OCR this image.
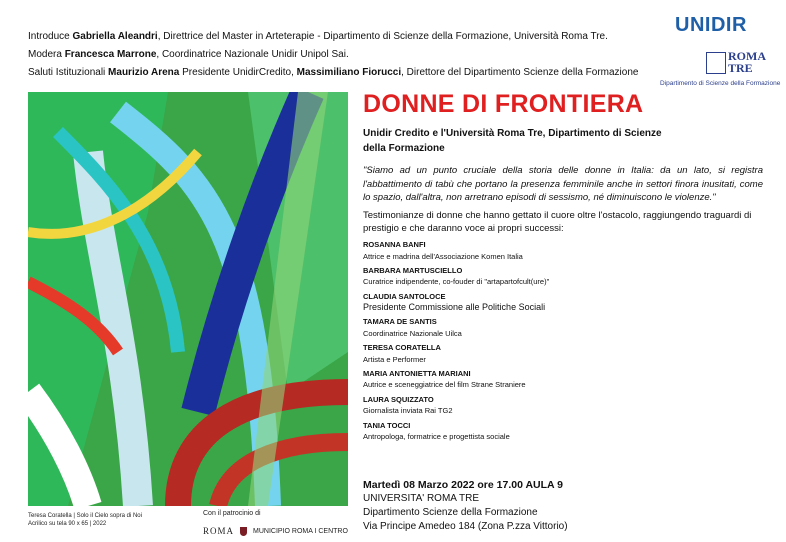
Introduce Gabriella Aleandri, Direttrice del Master in Arteterapie - Dipartimento di Scienze della Formazione, Università Roma Tre.
Modera Francesca Marrone, Coordinatrice Nazionale Unidir Unipol Sai.
Saluti Istituzionali Maurizio Arena Presidente UnidirCredito, Massimiliano Fiorucci, Direttore del Dipartimento Scienze della Formazione
UNIDIR
ROMA
TRE
Dipartimento di Scienze della Formazione
Teresa Coratella | Solo il Cielo sopra di Noi
Acrilico su tela 90 x 65 | 2022
Con il patrocinio di
ROMA	MUNICIPIO ROMA I CENTRO
DONNE DI FRONTIERA
Unidir Credito e l'Università Roma Tre, Dipartimento di Scienze della Formazione
"Siamo ad un punto cruciale della storia delle donne in Italia: da un lato, si registra l'abbattimento di tabù che portano la presenza femminile anche in settori finora inusitati, come lo spazio, dall'altra, non arretrano episodi di sessismo, né diminuiscono le violenze."
Testimonianze di donne che hanno gettato il cuore oltre l'ostacolo, raggiungendo traguardi di prestigio e che daranno voce ai propri successi:
ROSANNA BANFI
Attrice e madrina dell'Associazione Komen Italia
BARBARA MARTUSCIELLO
Curatrice indipendente, co-fouder di "artapartofcult(ure)"
CLAUDIA SANTOLOCE
Presidente Commissione alle Politiche Sociali
TAMARA DE SANTIS
Coordinatrice Nazionale Uilca
TERESA CORATELLA
Artista e Performer
MARIA ANTONIETTA MARIANI
Autrice e sceneggiatrice del film Strane Straniere
LAURA SQUIZZATO
Giornalista inviata Rai TG2
TANIA TOCCI
Antropologa, formatrice e progettista sociale
Martedì 08 Marzo 2022 ore 17.00 AULA 9
UNIVERSITA' ROMA TRE
Dipartimento Scienze della Formazione
Via Principe Amedeo 184 (Zona P.zza Vittorio)
